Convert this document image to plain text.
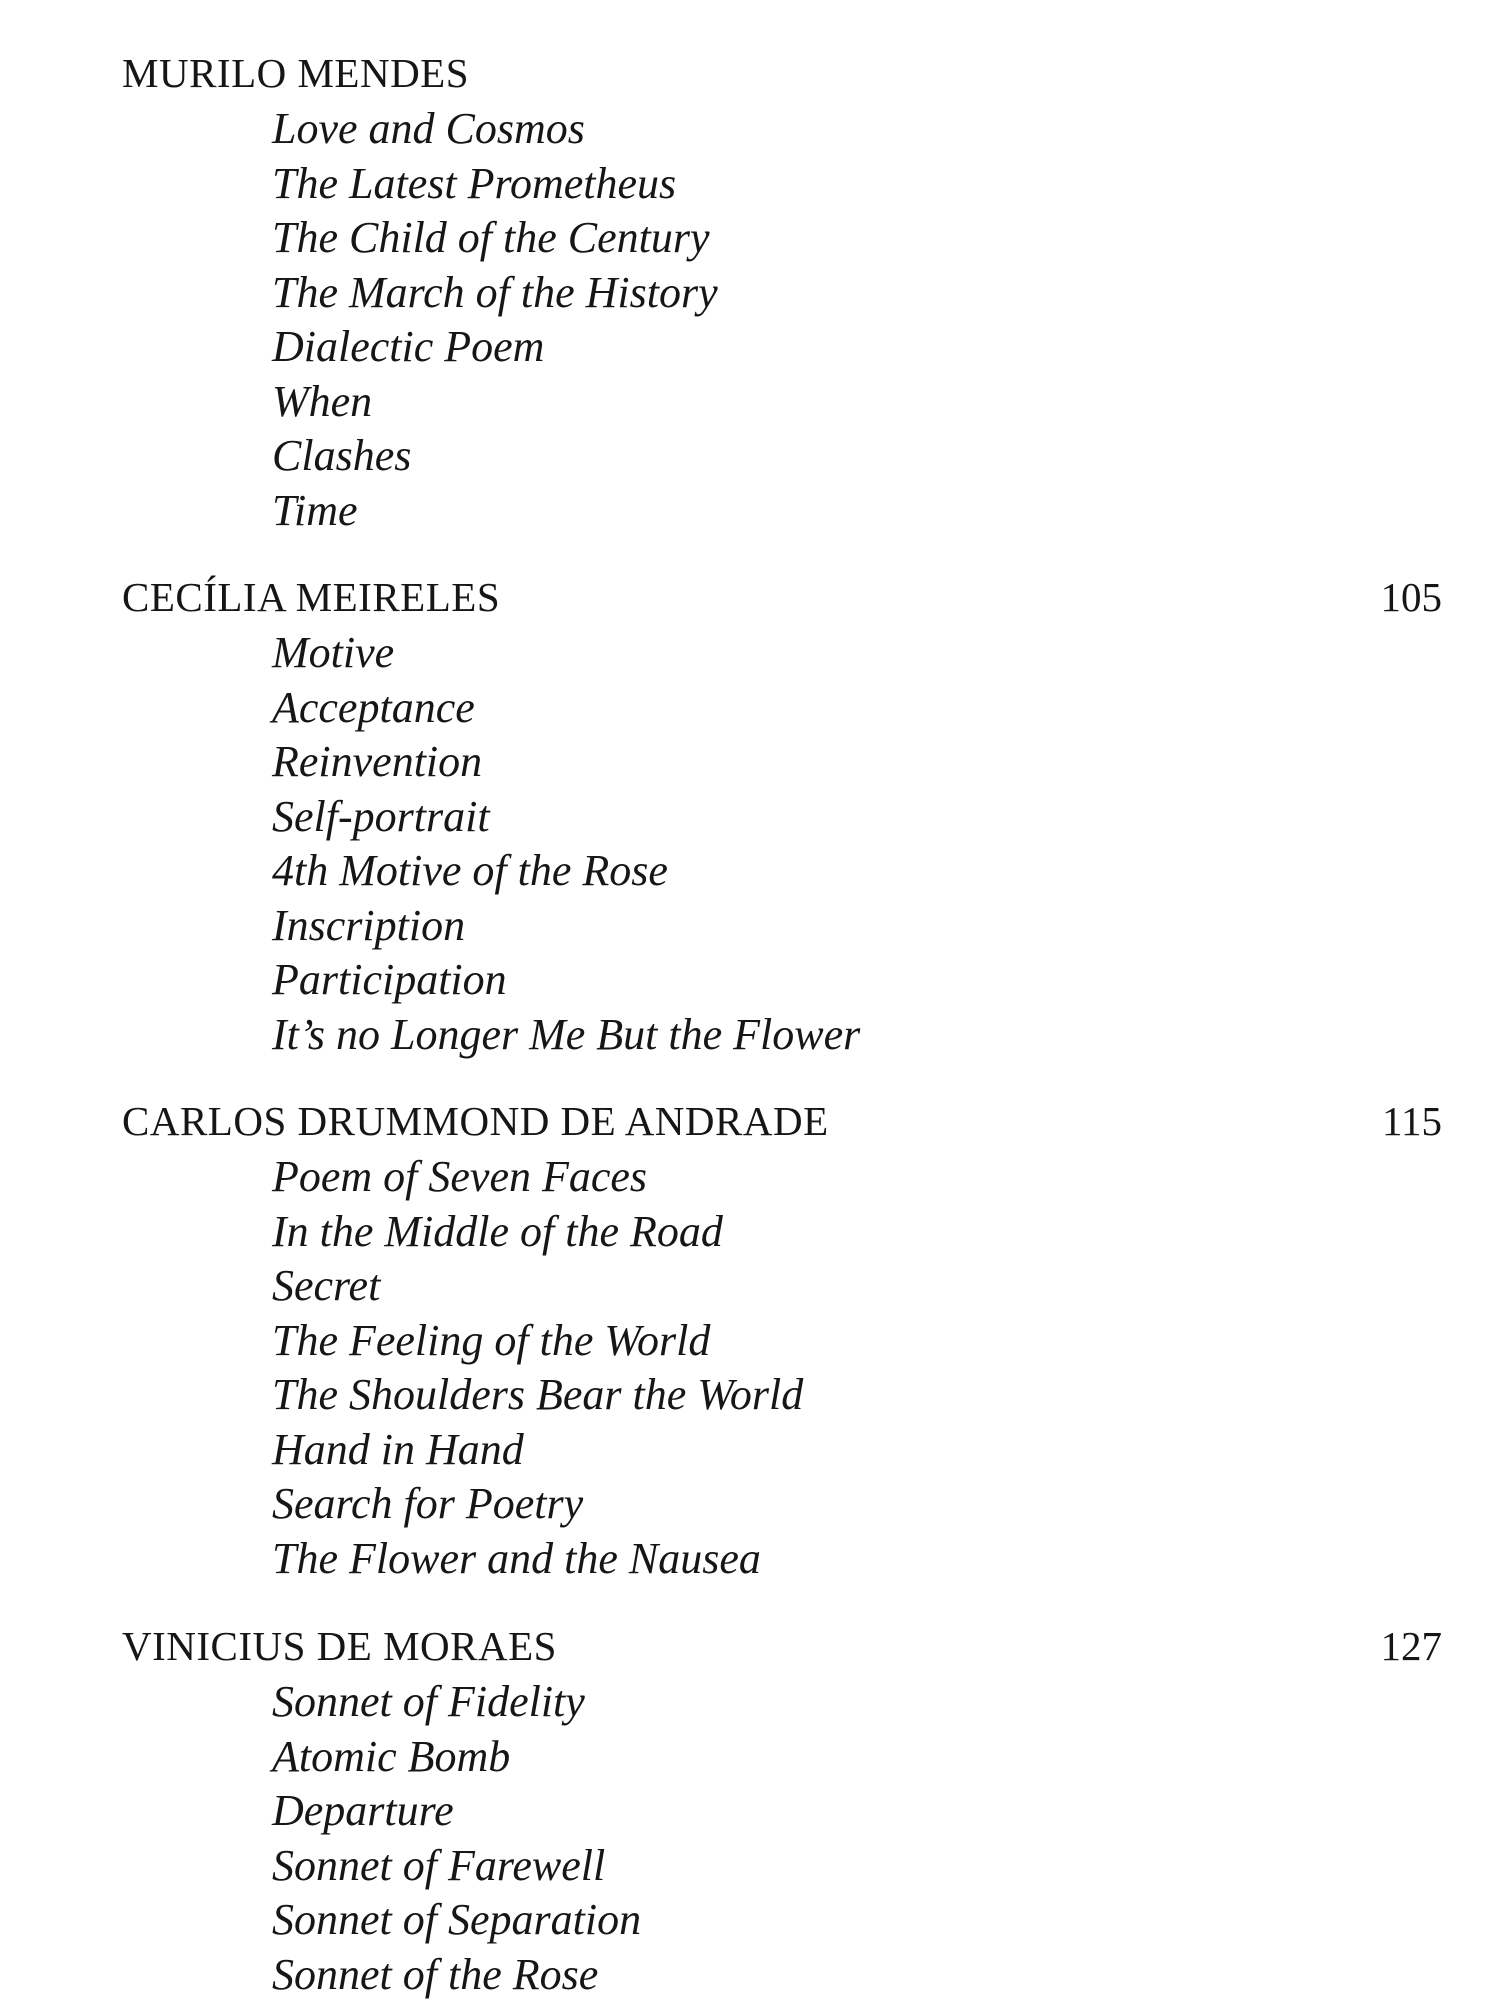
MURILO MENDES
Love and Cosmos
The Latest Prometheus
The Child of the Century
The March of the History
Dialectic Poem
When
Clashes
Time
CECÍLIA MEIRELES	105
Motive
Acceptance
Reinvention
Self-portrait
4th Motive of the Rose
Inscription
Participation
It’s no Longer Me But the Flower
CARLOS DRUMMOND DE ANDRADE	115
Poem of Seven Faces
In the Middle of the Road
Secret
The Feeling of the World
The Shoulders Bear the World
Hand in Hand
Search for Poetry
The Flower and the Nausea
VINICIUS DE MORAES	127
Sonnet of Fidelity
Atomic Bomb
Departure
Sonnet of Farewell
Sonnet of Separation
Sonnet of the Rose
